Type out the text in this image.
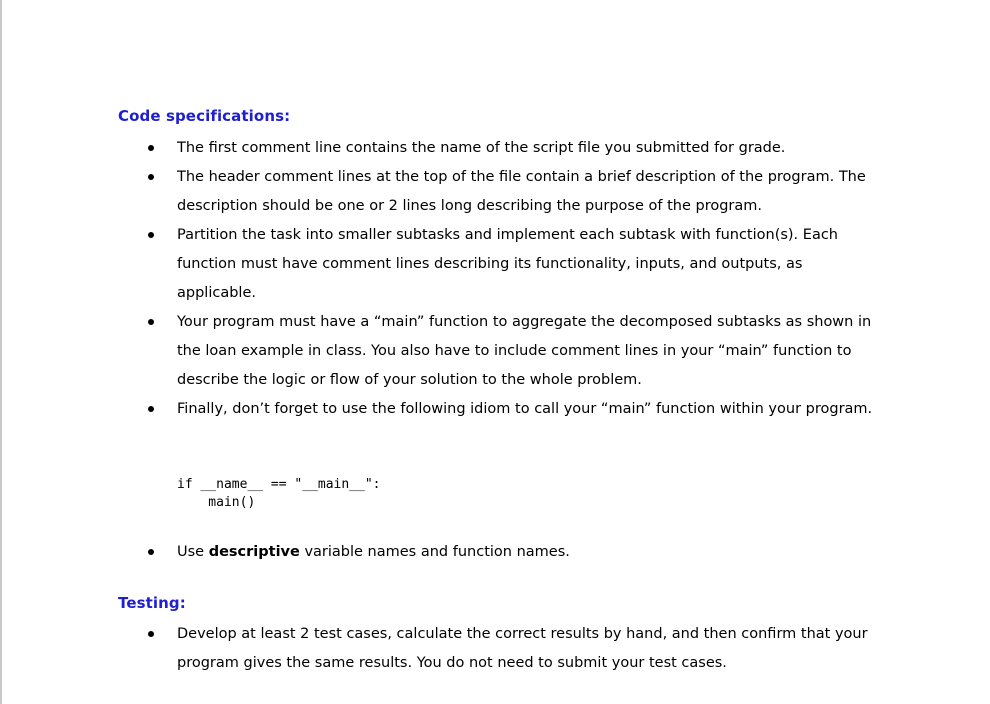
Code specifications:
The first comment line contains the name of the script file you submitted for grade.
The header comment lines at the top of the file contain a brief description of the program. The description should be one or 2 lines long describing the purpose of the program.
Partition the task into smaller subtasks and implement each subtask with function(s). Each function must have comment lines describing its functionality, inputs, and outputs, as applicable.
Your program must have a “main” function to aggregate the decomposed subtasks as shown in the loan example in class. You also have to include comment lines in your “main” function to describe the logic or flow of your solution to the whole problem.
Finally, don’t forget to use the following idiom to call your “main” function within your program.
if __name__ == "__main__":
main()
Use descriptive variable names and function names.
Testing:
Develop at least 2 test cases, calculate the correct results by hand, and then confirm that your program gives the same results. You do not need to submit your test cases.
